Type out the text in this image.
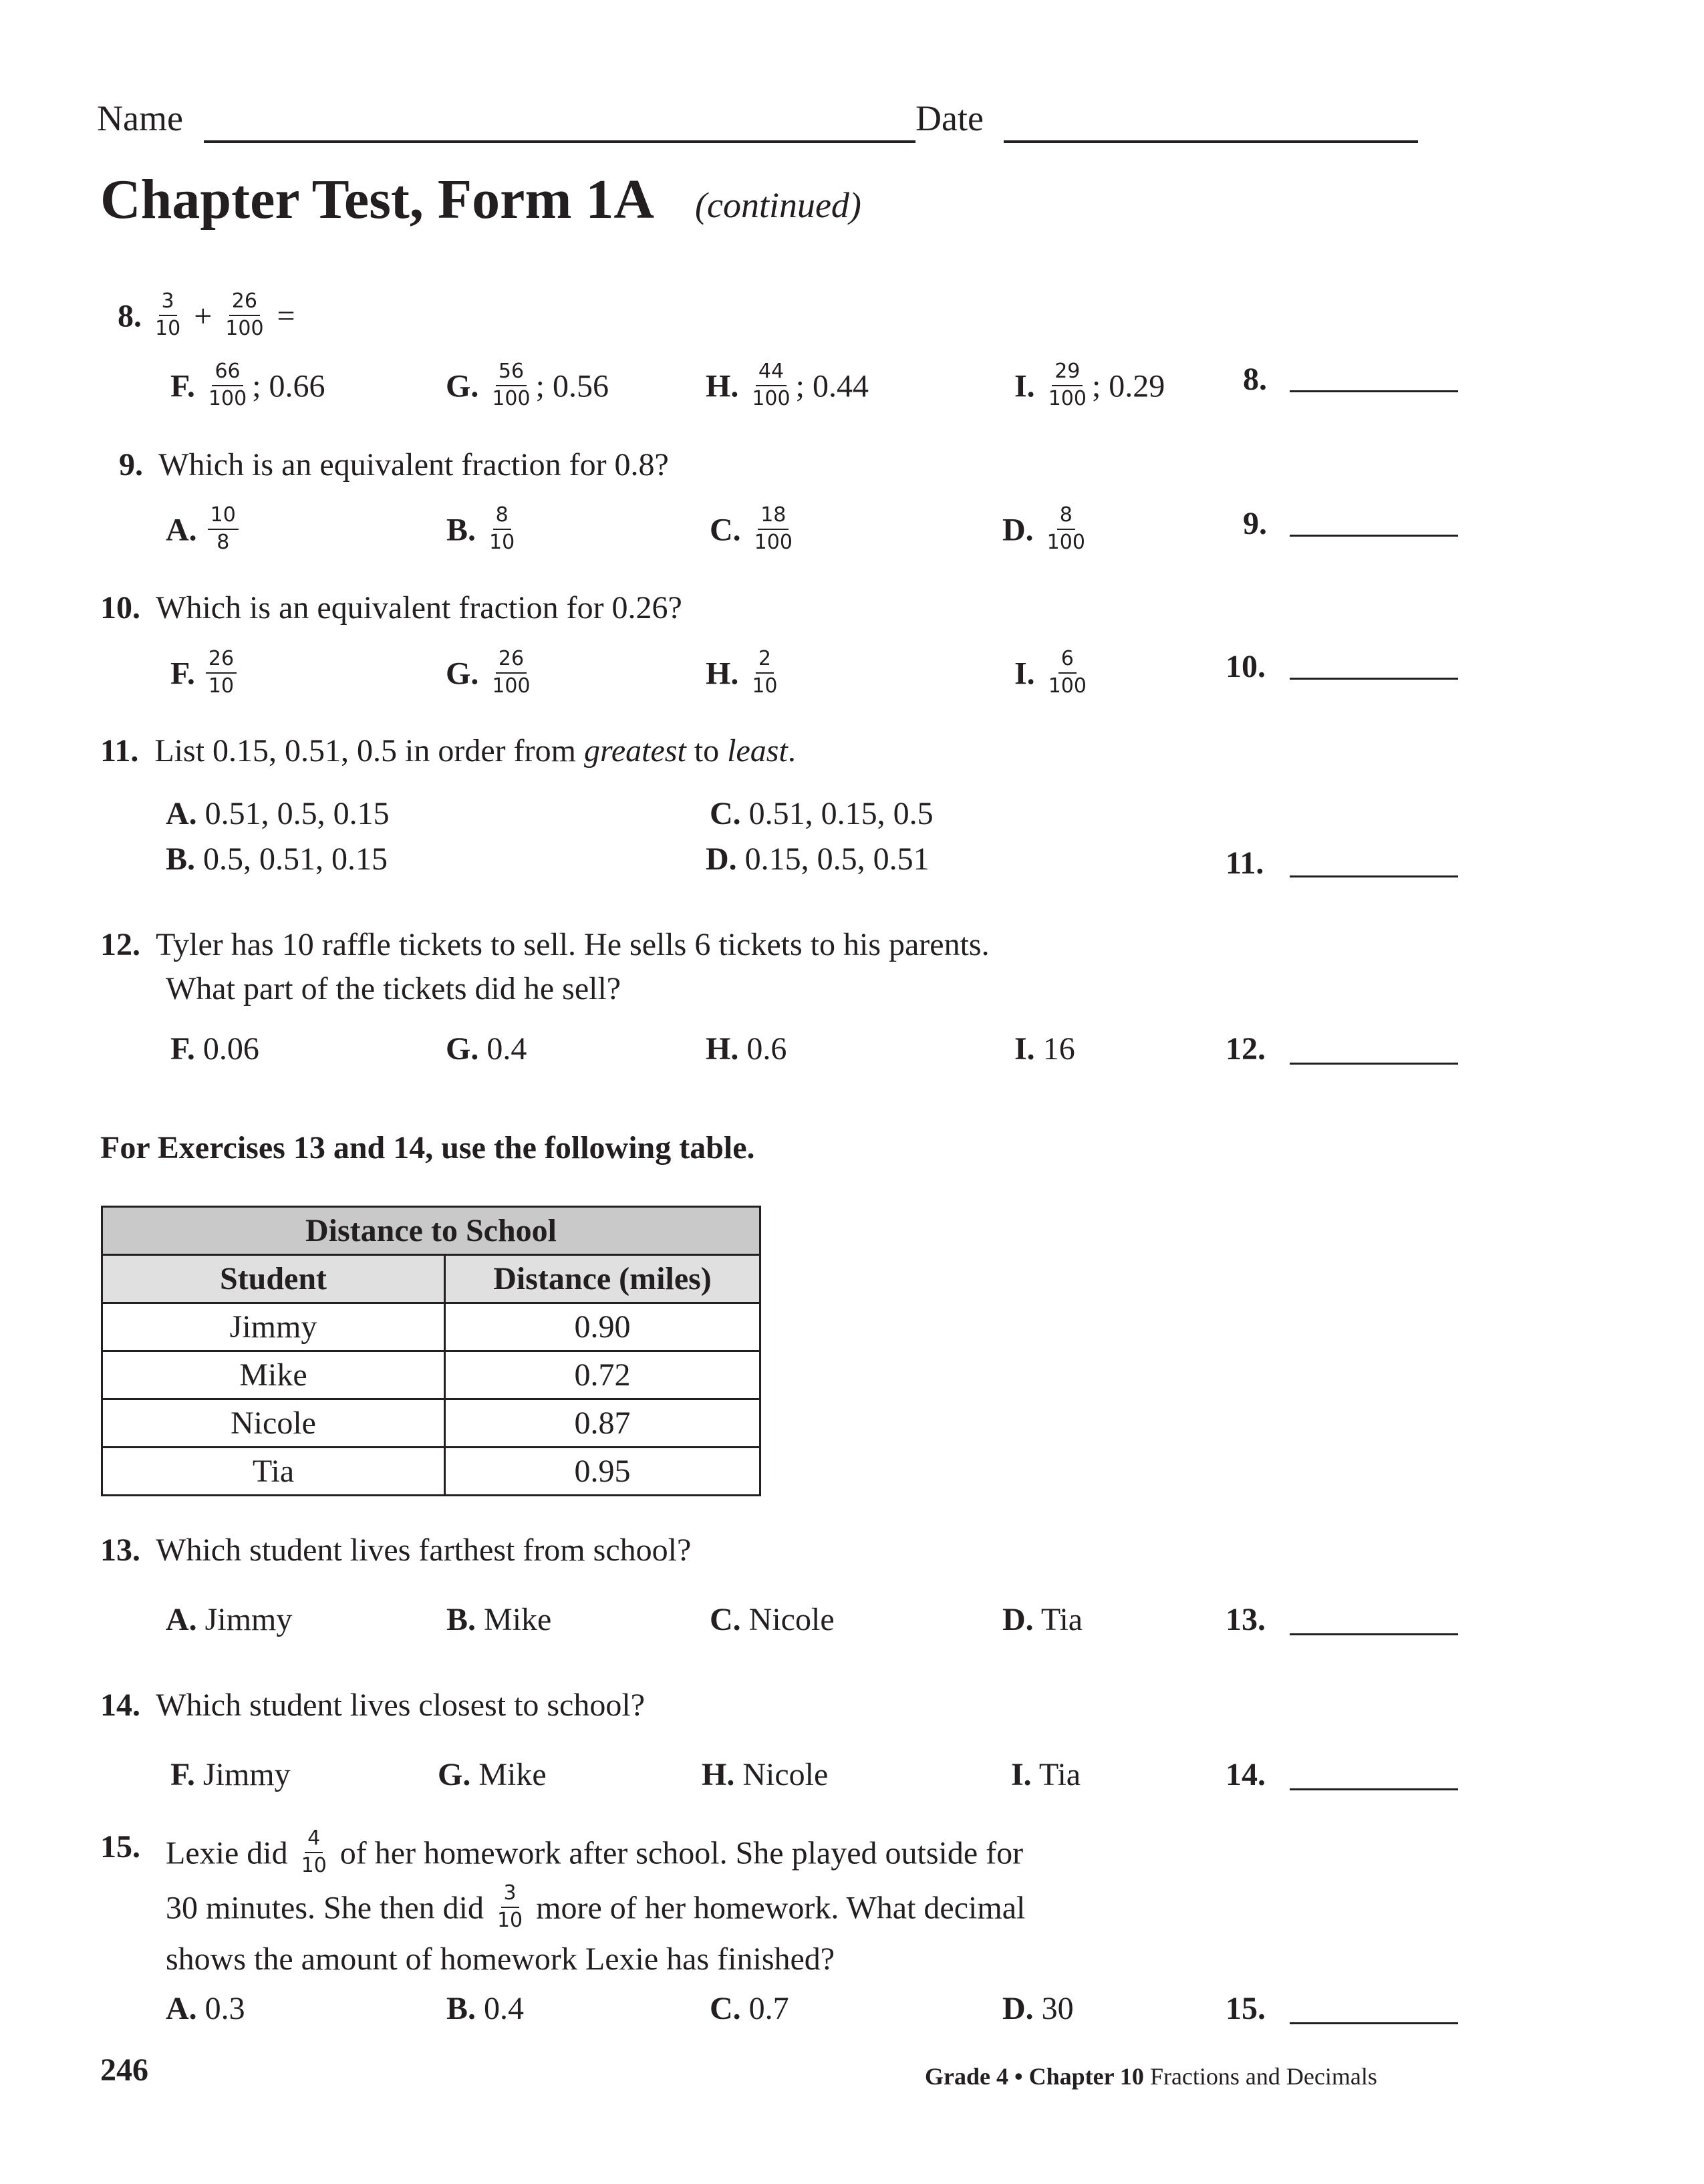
Name	Date
Chapter Test, Form 1A (continued)
8. $\frac{3}{10} + \frac{26}{100}$ =
F. $\frac{66}{100}$ ; 0.66	G. $\frac{56}{100}$ ; 0.56	H. $\frac{44}{100}$ ; 0.44	I. $\frac{29}{100}$ ; 0.29 8.
9. Which is an equivalent fraction for 0.8?
A. $\frac{10}{8}$	B. $\frac{8}{10}$	C. $\frac{18}{100}$	D. $\frac{8}{100}$	9.
10. Which is an equivalent fraction for 0.26?
F. $\frac{26}{10}$	G. $\frac{26}{100}$	H. $\frac{2}{10}$	I. $\frac{6}{100}$	10.
11. List 0.15, 0.51, 0.5 in order from greatest to least.
A. 0.51, 0.5, 0.15
B. 0.5, 0.51, 0.15
C. 0.51, 0.15, 0.5
D. 0.15, 0.5, 0.51	11.
12. Tyler has 10 raffle tickets to sell. He sells 6 tickets to his parents.
What part of the tickets did he sell?
F. 0.06	G. 0.4	H. 0.6	I. 16	12.
For Exercises 13 and 14, use the following table.
Distance to School	
Student	Distance (miles)
Jimmy	0.90
Mike	0.72
Nicole	0.87
Tia	0.95
13. Which student lives farthest from school?
A. Jimmy	B. Mike	C. Nicole	D. Tia	13.
14. Which student lives closest to school?
F. Jimmy	G. Mike	H. Nicole	I. Tia	14.
15. Lexie did $\frac{4}{10}$ of her homework after school. She played outside for
30 minutes. She then did $\frac{3}{10}$ more of her homework. What decimal
shows the amount of homework Lexie has finished?
A. 0.3	B. 0.4	C. 0.7	D. 30	15.
246	Grade 4 • Chapter 10 Fractions and Decimals
